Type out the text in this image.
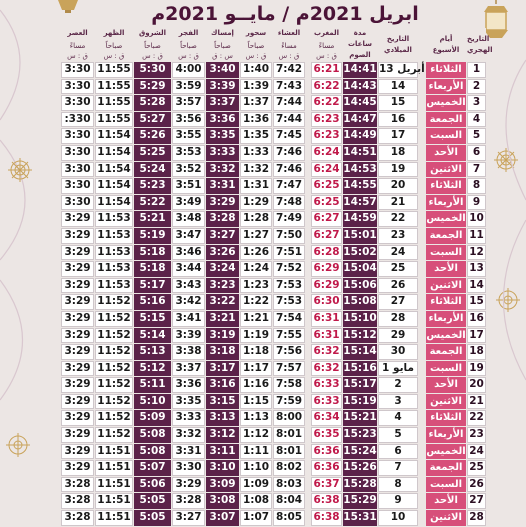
ابريل 2021م / مايــو 2021م
العصر	الظهر	الشروق	الفجر	إمساك	سحور	العشاء		المغرب	مدة ساعات الصوم	التاريخ الميلادي		أيام الأسبوع	التاريخ الهجري
مساءً	صباحاً	صباحاً	صباحاً	صباحاً	صباحاً	مساءً		مساءً					
ق : س	ق : س	ق : س	ق : س	س : ق	ق : س	ق : س		ق : س					
3:30	11:55	5:30	4:00	3:40	1:40	7:42		6:21	14:41	13 أبريل		الثلاثاء	1
3:30	11:55	5:29	3:59	3:39	1:39	7:43		6:22	14:43	14		الأربعاء	2
3:30	11:55	5:28	3:57	3:37	1:37	7:44		6:22	14:45	15		الخميس	3
:330	11:55	5:27	3:56	3:36	1:36	7:44		6:23	14:47	16		الجمعة	4
3:30	11:54	5:26	3:55	3:35	1:35	7:45		6:23	14:49	17		السبت	5
3:30	11:54	5:25	3:53	3:33	1:33	7:46		6:24	14:51	18		الأحد	6
3:30	11:54	5:24	3:52	3:32	1:32	7:46		6:24	14:53	19		الاثنين	7
3:30	11:54	5:23	3:51	3:31	1:31	7:47		6:25	14:55	20		الثلاثاء	8
3:30	11:54	5:22	3:49	3:29	1:29	7:48		6:25	14:57	21		الأربعاء	9
3:29	11:53	5:21	3:48	3:28	1:28	7:49		6:27	14:59	22		الخميس	10
3:29	11:53	5:19	3:47	3:27	1:27	7:50		6:27	15:01	23		الجمعة	11
3:29	11:53	5:18	3:46	3:26	1:26	7:51		6:28	15:02	24		السبت	12
3:29	11:53	5:18	3:44	3:24	1:24	7:52		6:29	15:04	25		الأحد	13
3:29	11:53	5:17	3:43	3:23	1:23	7:53		6:29	15:06	26		الاثنين	14
3:29	11:52	5:16	3:42	3:22	1:22	7:53		6:30	15:08	27		الثلاثاء	15
3:29	11:52	5:15	3:41	3:21	1:21	7:54		6:31	15:10	28		الأربعاء	16
3:29	11:52	5:14	3:39	3:19	1:19	7:55		6:31	15:12	29		الخميس	17
3:29	11:52	5:13	3:38	3:18	1:18	7:56		6:32	15:14	30		الجمعة	18
3:29	11:52	5:12	3:37	3:17	1:17	7:57		6:32	15:16	1 مايو		السبت	19
3:29	11:52	5:11	3:36	3:16	1:16	7:58		6:33	15:17	2		الأحد	20
3:29	11:52	5:10	3:35	3:15	1:15	7:59		6:33	15:19	3		الاثنين	21
3:29	11:52	5:09	3:33	3:13	1:13	8:00		6:34	15:21	4		الثلاثاء	22
3:29	11:52	5:08	3:32	3:12	1:12	8:01		6:35	15:23	5		الأربعاء	23
3:29	11:51	5:08	3:31	3:11	1:11	8:01		6:36	15:24	6		الخميس	24
3:29	11:51	5:07	3:30	3:10	1:10	8:02		6:36	15:26	7		الجمعة	25
3:28	11:51	5:06	3:29	3:09	1:09	8:03		6:37	15:28	8		السبت	26
3:28	11:51	5:05	3:28	3:08	1:08	8:04		6:38	15:29	9		الأحد	27
3:28	11:51	5:05	3:27	3:07	1:07	8:05		6:38	15:31	10		الاثنين	28
